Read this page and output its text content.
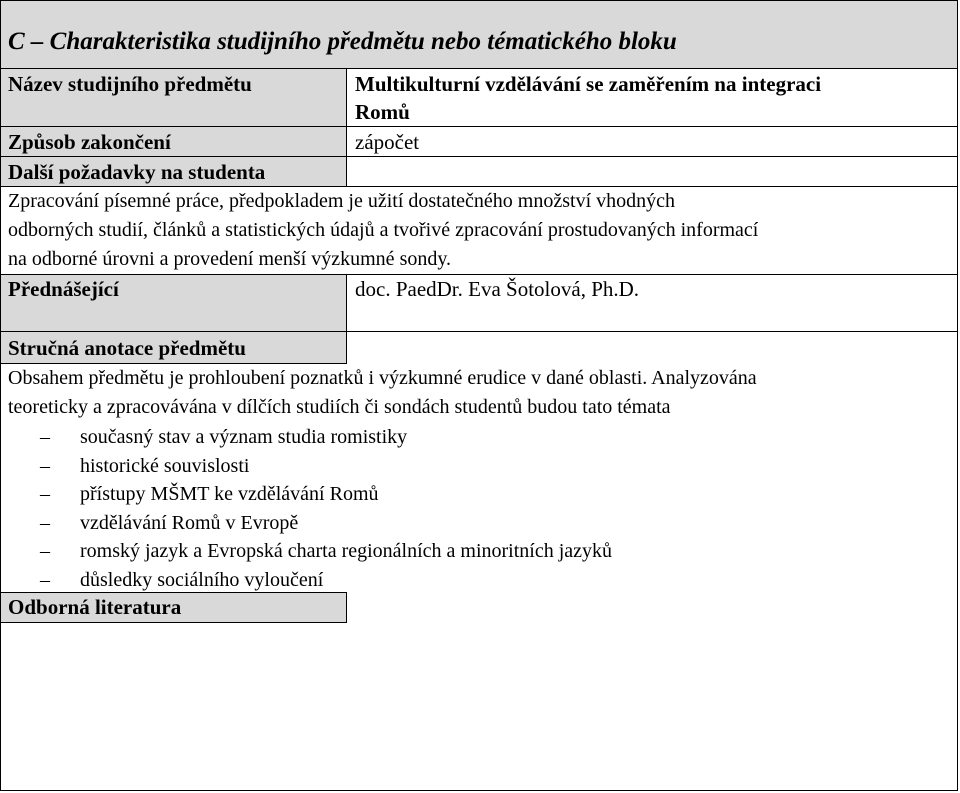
C – Charakteristika studijního předmětu nebo tématického bloku
Název studijního předmětu	Multikulturní vzdělávání se zaměřením na integraci
Romů
Způsob zakončení	zápočet
Další požadavky na studenta
Zpracování písemné práce, předpokladem je užití dostatečného množství vhodných
odborných studií, článků a statistických údajů a tvořivé zpracování prostudovaných informací
na odborné úrovni a provedení menší výzkumné sondy.
Přednášející	doc. PaedDr. Eva Šotolová, Ph.D.
Stručná anotace předmětu
Obsahem předmětu je prohloubení poznatků i výzkumné erudice v dané oblasti. Analyzována
teoreticky a zpracovávána v dílčích studiích či sondách studentů budou tato témata
– současný stav a význam studia romistiky
– historické souvislosti
– přístupy MŠMT ke vzdělávání Romů
– vzdělávání Romů v Evropě
– romský jazyk a Evropská charta regionálních a minoritních jazyků
– důsledky sociálního vyloučení
Odborná literatura
